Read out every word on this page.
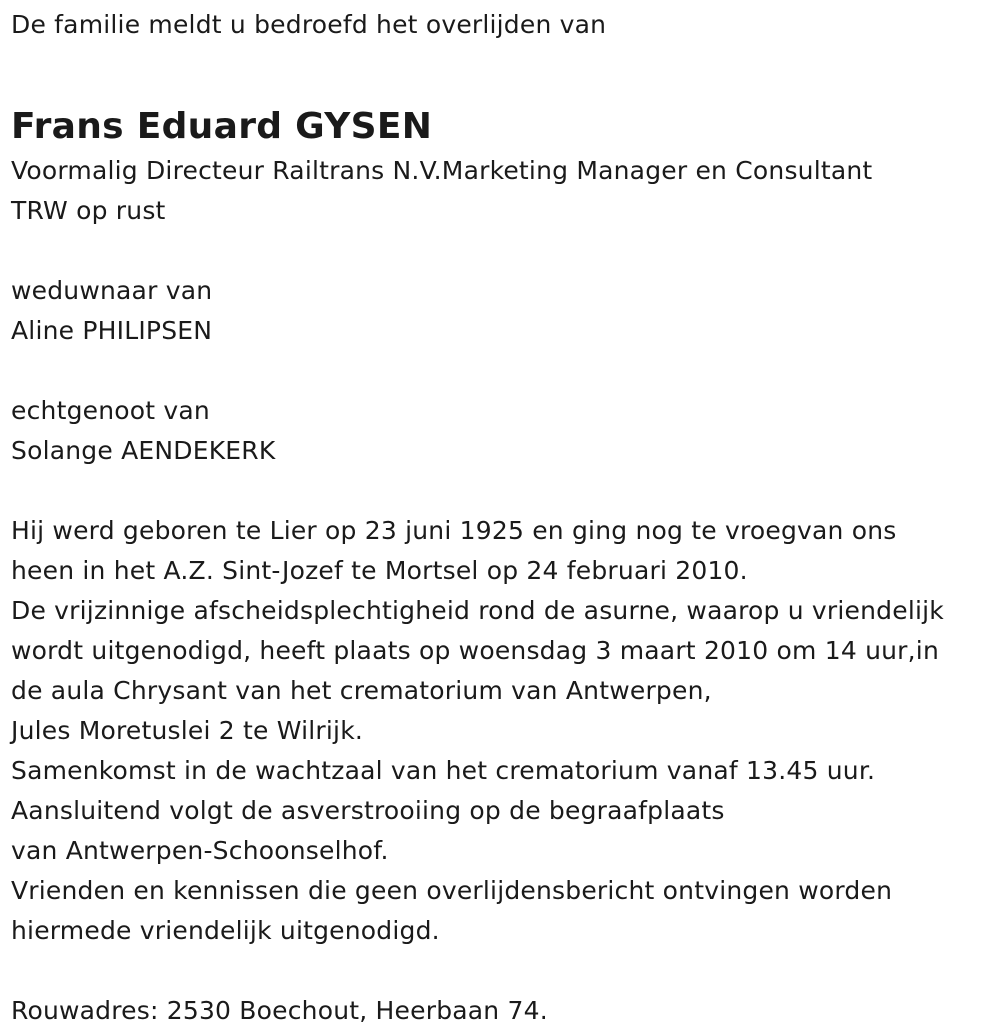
De familie meldt u bedroefd het overlijden van
Frans Eduard GYSEN
Voormalig Directeur Railtrans N.V.Marketing Manager en Consultant
TRW op rust
weduwnaar van
Aline PHILIPSEN
echtgenoot van
Solange AENDEKERK
Hij werd geboren te Lier op 23 juni 1925 en ging nog te vroegvan ons
heen in het A.Z. Sint-Jozef te Mortsel op 24 februari 2010.
De vrijzinnige afscheidsplechtigheid rond de asurne, waarop u vriendelijk
wordt uitgenodigd, heeft plaats op woensdag 3 maart 2010 om 14 uur,in
de aula Chrysant van het crematorium van Antwerpen,
Jules Moretuslei 2 te Wilrijk.
Samenkomst in de wachtzaal van het crematorium vanaf 13.45 uur.
Aansluitend volgt de asverstrooiing op de begraafplaats
van Antwerpen-Schoonselhof.
Vrienden en kennissen die geen overlijdensbericht ontvingen worden
hiermede vriendelijk uitgenodigd.
Rouwadres: 2530 Boechout, Heerbaan 74.
